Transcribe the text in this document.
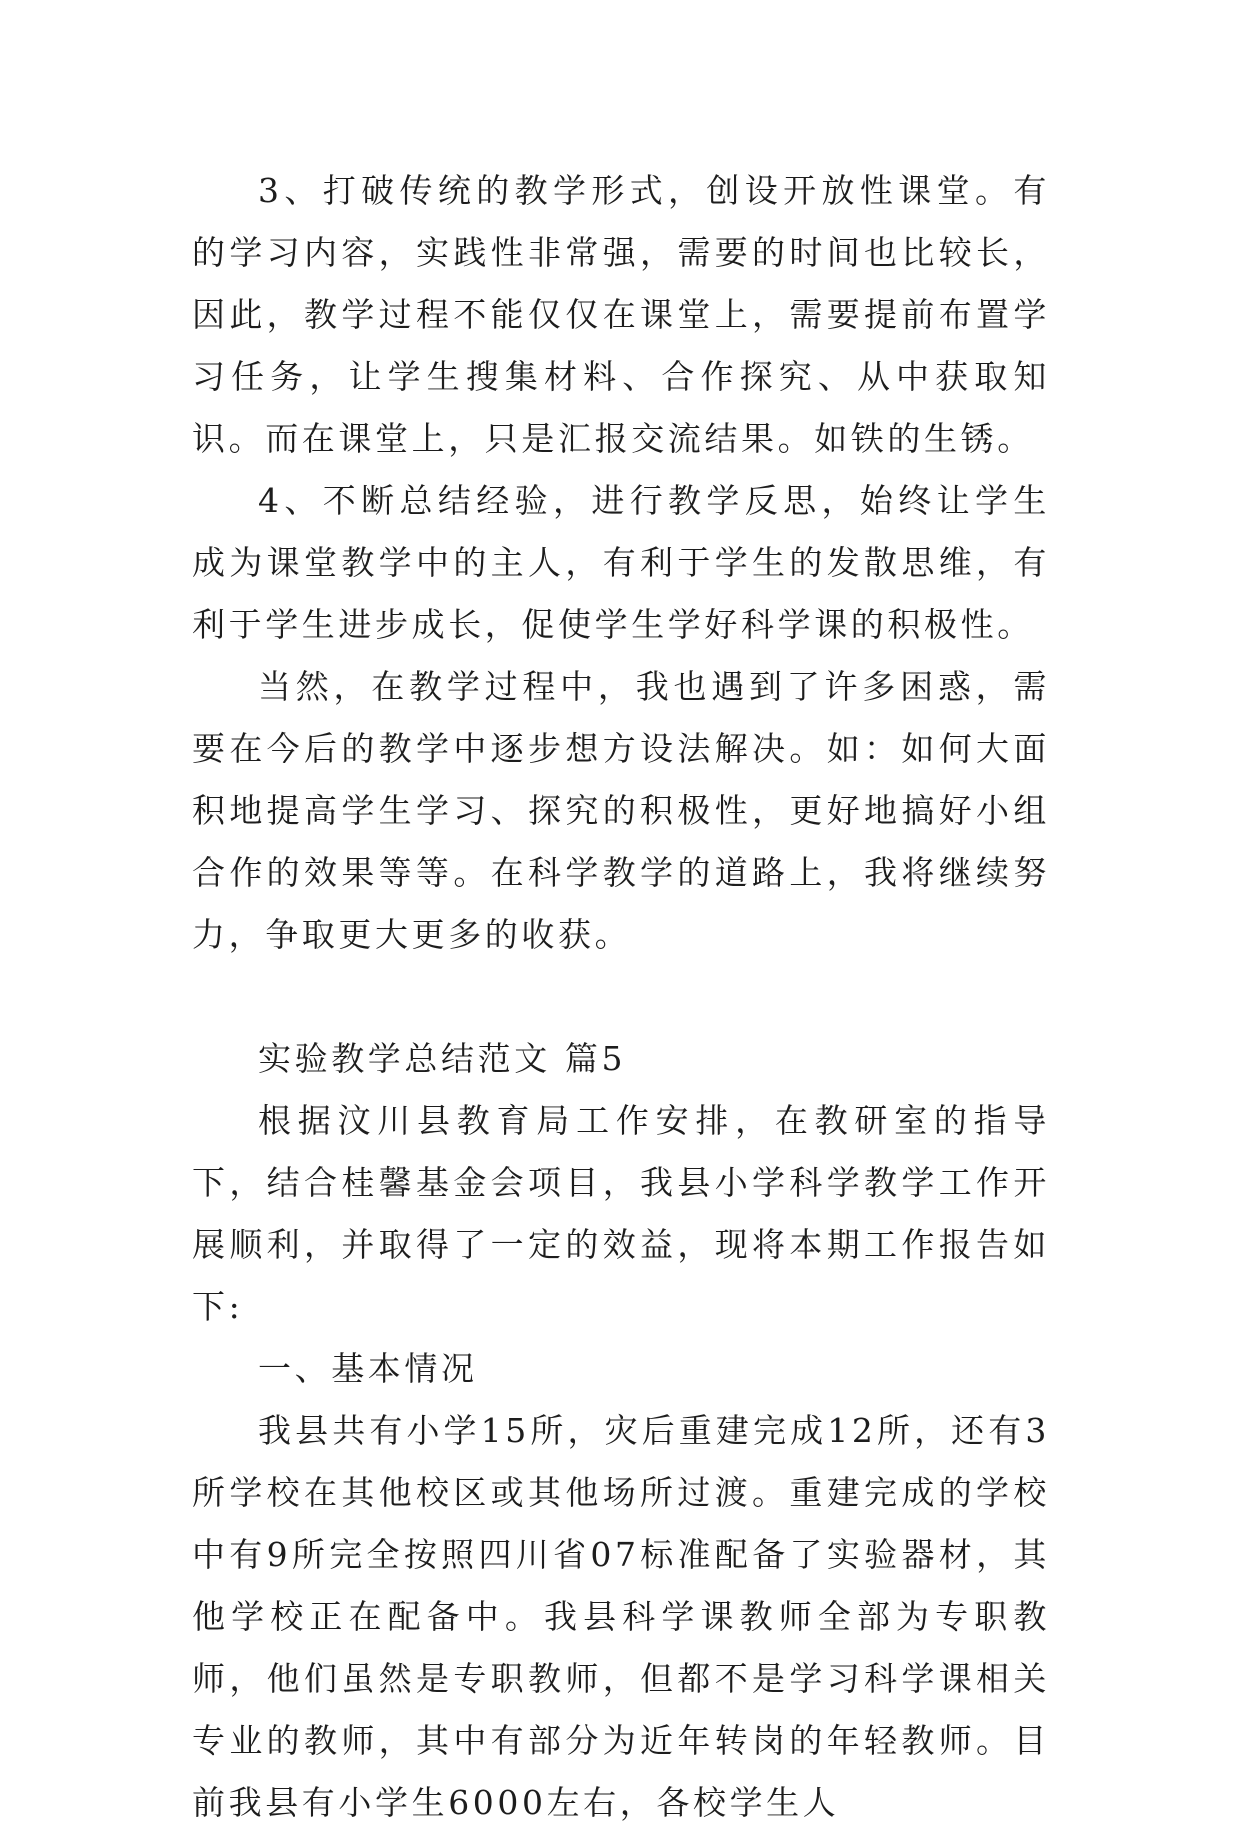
3、打破传统的教学形式，创设开放性课堂。有的学习内容，实践性非常强，需要的时间也比较长，因此，教学过程不能仅仅在课堂上，需要提前布置学习任务，让学生搜集材料、合作探究、从中获取知识。而在课堂上，只是汇报交流结果。如铁的生锈。

4、不断总结经验，进行教学反思，始终让学生成为课堂教学中的主人，有利于学生的发散思维，有利于学生进步成长，促使学生学好科学课的积极性。

当然，在教学过程中，我也遇到了许多困惑，需要在今后的教学中逐步想方设法解决。如：如何大面积地提高学生学习、探究的积极性，更好地搞好小组合作的效果等等。在科学教学的道路上，我将继续努力，争取更大更多的收获。

实验教学总结范文 篇5

根据汶川县教育局工作安排，在教研室的指导下，结合桂馨基金会项目，我县小学科学教学工作开展顺利，并取得了一定的效益，现将本期工作报告如下:

一、基本情况

我县共有小学15所，灾后重建完成12所，还有3所学校在其他校区或其他场所过渡。重建完成的学校中有9所完全按照四川省07标准配备了实验器材，其他学校正在配备中。我县科学课教师全部为专职教师，他们虽然是专职教师，但都不是学习科学课相关专业的教师，其中有部分为近年转岗的年轻教师。目前我县有小学生6000左右，各校学生人
